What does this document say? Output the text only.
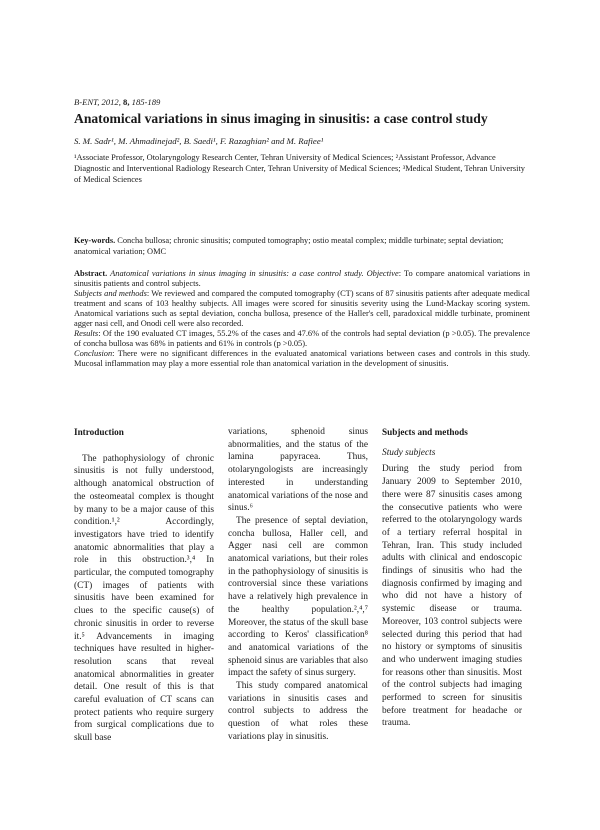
B-ENT, 2012, 8, 185-189
Anatomical variations in sinus imaging in sinusitis: a case control study
S. M. Sadr¹, M. Ahmadinejad², B. Saedi¹, F. Razaghian² and M. Rafiee¹
¹Associate Professor, Otolaryngology Research Center, Tehran University of Medical Sciences; ²Assistant Professor, Advance Diagnostic and Interventional Radiology Research Cnter, Tehran University of Medical Sciences; ³Medical Student, Tehran University of Medical Sciences
Key-words. Concha bullosa; chronic sinusitis; computed tomography; ostio meatal complex; middle turbinate; septal deviation; anatomical variation; OMC

Abstract. Anatomical variations in sinus imaging in sinusitis: a case control study. Objective: To compare anatomical variations in sinusitis patients and control subjects.

Subjects and methods: We reviewed and compared the computed tomography (CT) scans of 87 sinusitis patients after adequate medical treatment and scans of 103 healthy subjects. All images were scored for sinusitis severity using the Lund-Mackay scoring system. Anatomical variations such as septal deviation, concha bullosa, presence of the Haller's cell, paradoxical middle turbinate, prominent agger nasi cell, and Onodi cell were also recorded.

Results: Of the 190 evaluated CT images, 55.2% of the cases and 47.6% of the controls had septal deviation (p >0.05). The prevalence of concha bullosa was 68% in patients and 61% in controls (p >0.05).

Conclusion: There were no significant differences in the evaluated anatomical variations between cases and controls in this study. Mucosal inflammation may play a more essential role than anatomical variation in the development of sinusitis.

Introduction

The pathophysiology of chronic sinusitis is not fully understood, although anatomical obstruction of the osteomeatal complex is thought by many to be a major cause of this condition.¹,² Accordingly, investigators have tried to identify anatomic abnormalities that play a role in this obstruction.³,⁴ In particular, the computed tomography (CT) images of patients with sinusitis have been examined for clues to the specific cause(s) of chronic sinusitis in order to reverse it.⁵ Advancements in imaging techniques have resulted in higher-resolution scans that reveal anatomical abnormalities in greater detail. One result of this is that careful evaluation of CT scans can protect patients who require surgery from surgical complications due to skull base

variations, sphenoid sinus abnormalities, and the status of the lamina papyracea. Thus, otolaryngologists are increasingly interested in understanding anatomical variations of the nose and sinus.⁶

The presence of septal deviation, concha bullosa, Haller cell, and Agger nasi cell are common anatomical variations, but their roles in the pathophysiology of sinusitis is controversial since these variations have a relatively high prevalence in the healthy population.²,⁴,⁷ Moreover, the status of the skull base according to Keros' classification⁸ and anatomical variations of the sphenoid sinus are variables that also impact the safety of sinus surgery.

This study compared anatomical variations in sinusitis cases and control subjects to address the question of what roles these variations play in sinusitis.

Subjects and methods

Study subjects

During the study period from January 2009 to September 2010, there were 87 sinusitis cases among the consecutive patients who were referred to the otolaryngology wards of a tertiary referral hospital in Tehran, Iran. This study included adults with clinical and endoscopic findings of sinusitis who had the diagnosis confirmed by imaging and who did not have a history of systemic disease or trauma. Moreover, 103 control subjects were selected during this period that had no history or symptoms of sinusitis and who underwent imaging studies for reasons other than sinusitis. Most of the control subjects had imaging performed to screen for sinusitis before treatment for headache or trauma.
